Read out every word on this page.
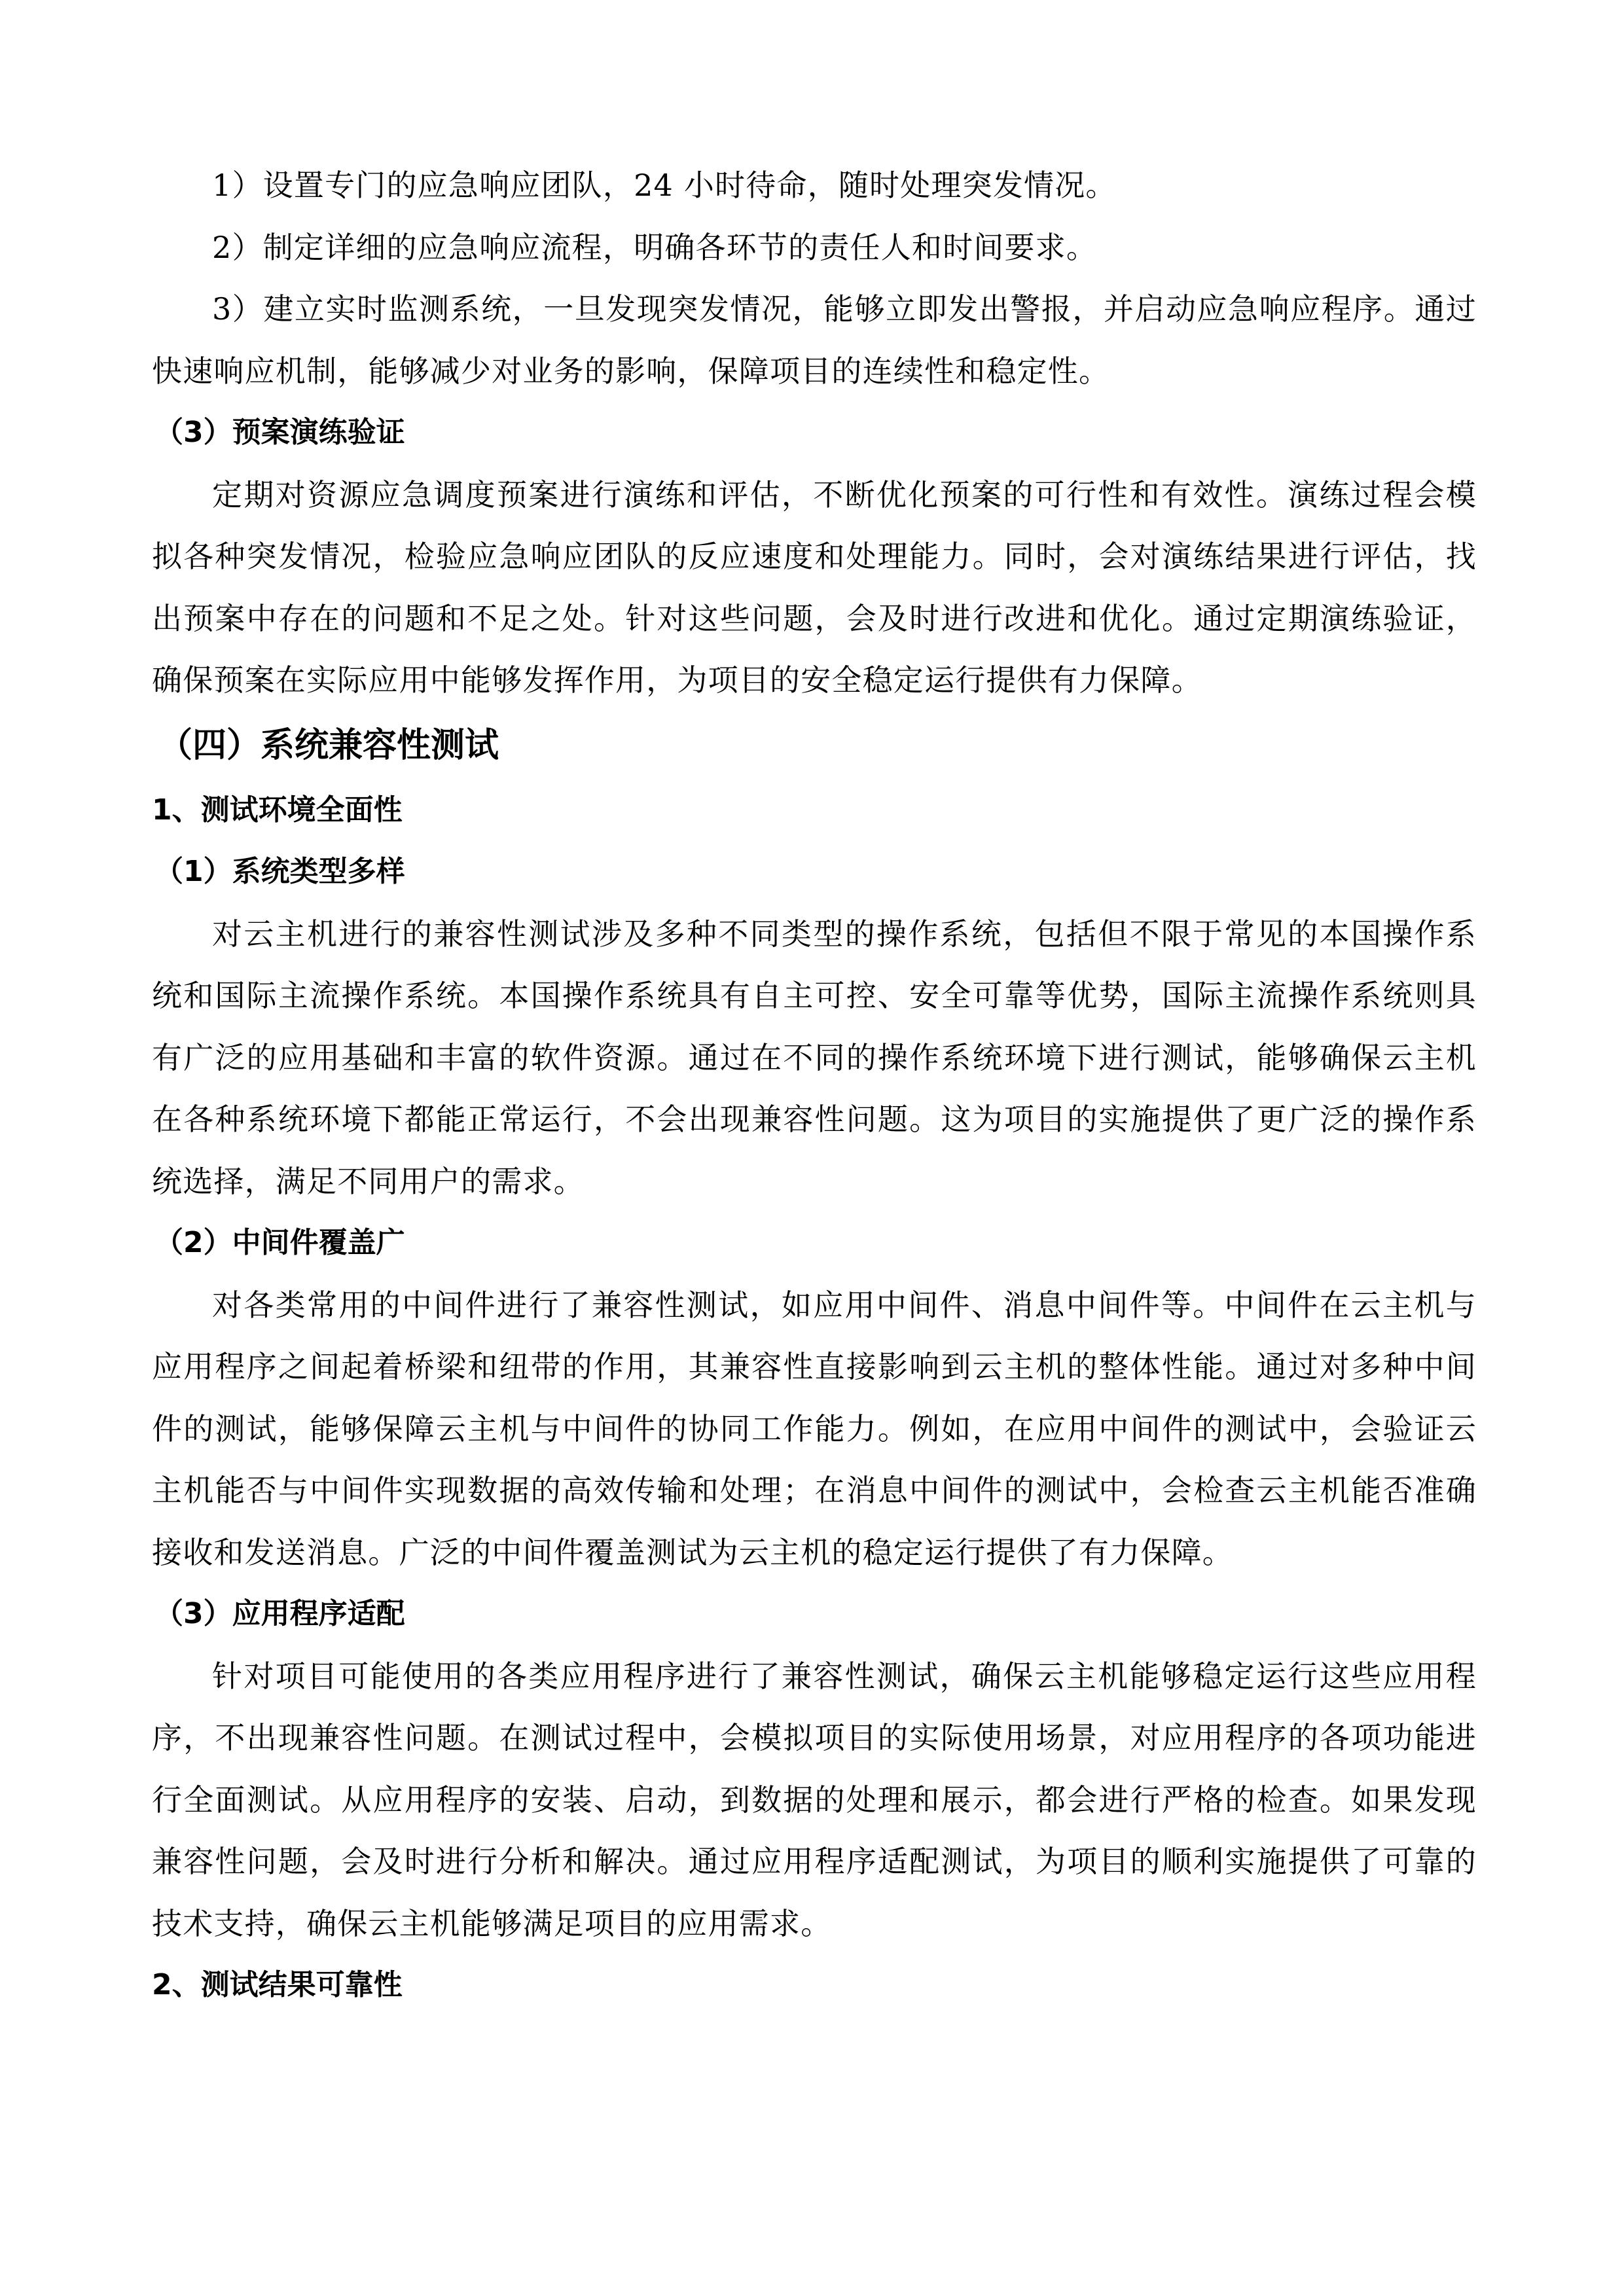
1）设置专门的应急响应团队，24 小时待命，随时处理突发情况。

2）制定详细的应急响应流程，明确各环节的责任人和时间要求。

3）建立实时监测系统，一旦发现突发情况，能够立即发出警报，并启动应急响应程序。通过快速响应机制，能够减少对业务的影响，保障项目的连续性和稳定性。

（3）预案演练验证

定期对资源应急调度预案进行演练和评估，不断优化预案的可行性和有效性。演练过程会模拟各种突发情况，检验应急响应团队的反应速度和处理能力。同时，会对演练结果进行评估，找出预案中存在的问题和不足之处。针对这些问题，会及时进行改进和优化。通过定期演练验证，确保预案在实际应用中能够发挥作用，为项目的安全稳定运行提供有力保障。

（四）系统兼容性测试
1、测试环境全面性
（1）系统类型多样

对云主机进行的兼容性测试涉及多种不同类型的操作系统，包括但不限于常见的本国操作系统和国际主流操作系统。本国操作系统具有自主可控、安全可靠等优势，国际主流操作系统则具有广泛的应用基础和丰富的软件资源。通过在不同的操作系统环境下进行测试，能够确保云主机在各种系统环境下都能正常运行，不会出现兼容性问题。这为项目的实施提供了更广泛的操作系统选择，满足不同用户的需求。

（2）中间件覆盖广

对各类常用的中间件进行了兼容性测试，如应用中间件、消息中间件等。中间件在云主机与应用程序之间起着桥梁和纽带的作用，其兼容性直接影响到云主机的整体性能。通过对多种中间件的测试，能够保障云主机与中间件的协同工作能力。例如，在应用中间件的测试中，会验证云主机能否与中间件实现数据的高效传输和处理；在消息中间件的测试中，会检查云主机能否准确接收和发送消息。广泛的中间件覆盖测试为云主机的稳定运行提供了有力保障。

（3）应用程序适配

针对项目可能使用的各类应用程序进行了兼容性测试，确保云主机能够稳定运行这些应用程序，不出现兼容性问题。在测试过程中，会模拟项目的实际使用场景，对应用程序的各项功能进行全面测试。从应用程序的安装、启动，到数据的处理和展示，都会进行严格的检查。如果发现兼容性问题，会及时进行分析和解决。通过应用程序适配测试，为项目的顺利实施提供了可靠的技术支持，确保云主机能够满足项目的应用需求。

2、测试结果可靠性
